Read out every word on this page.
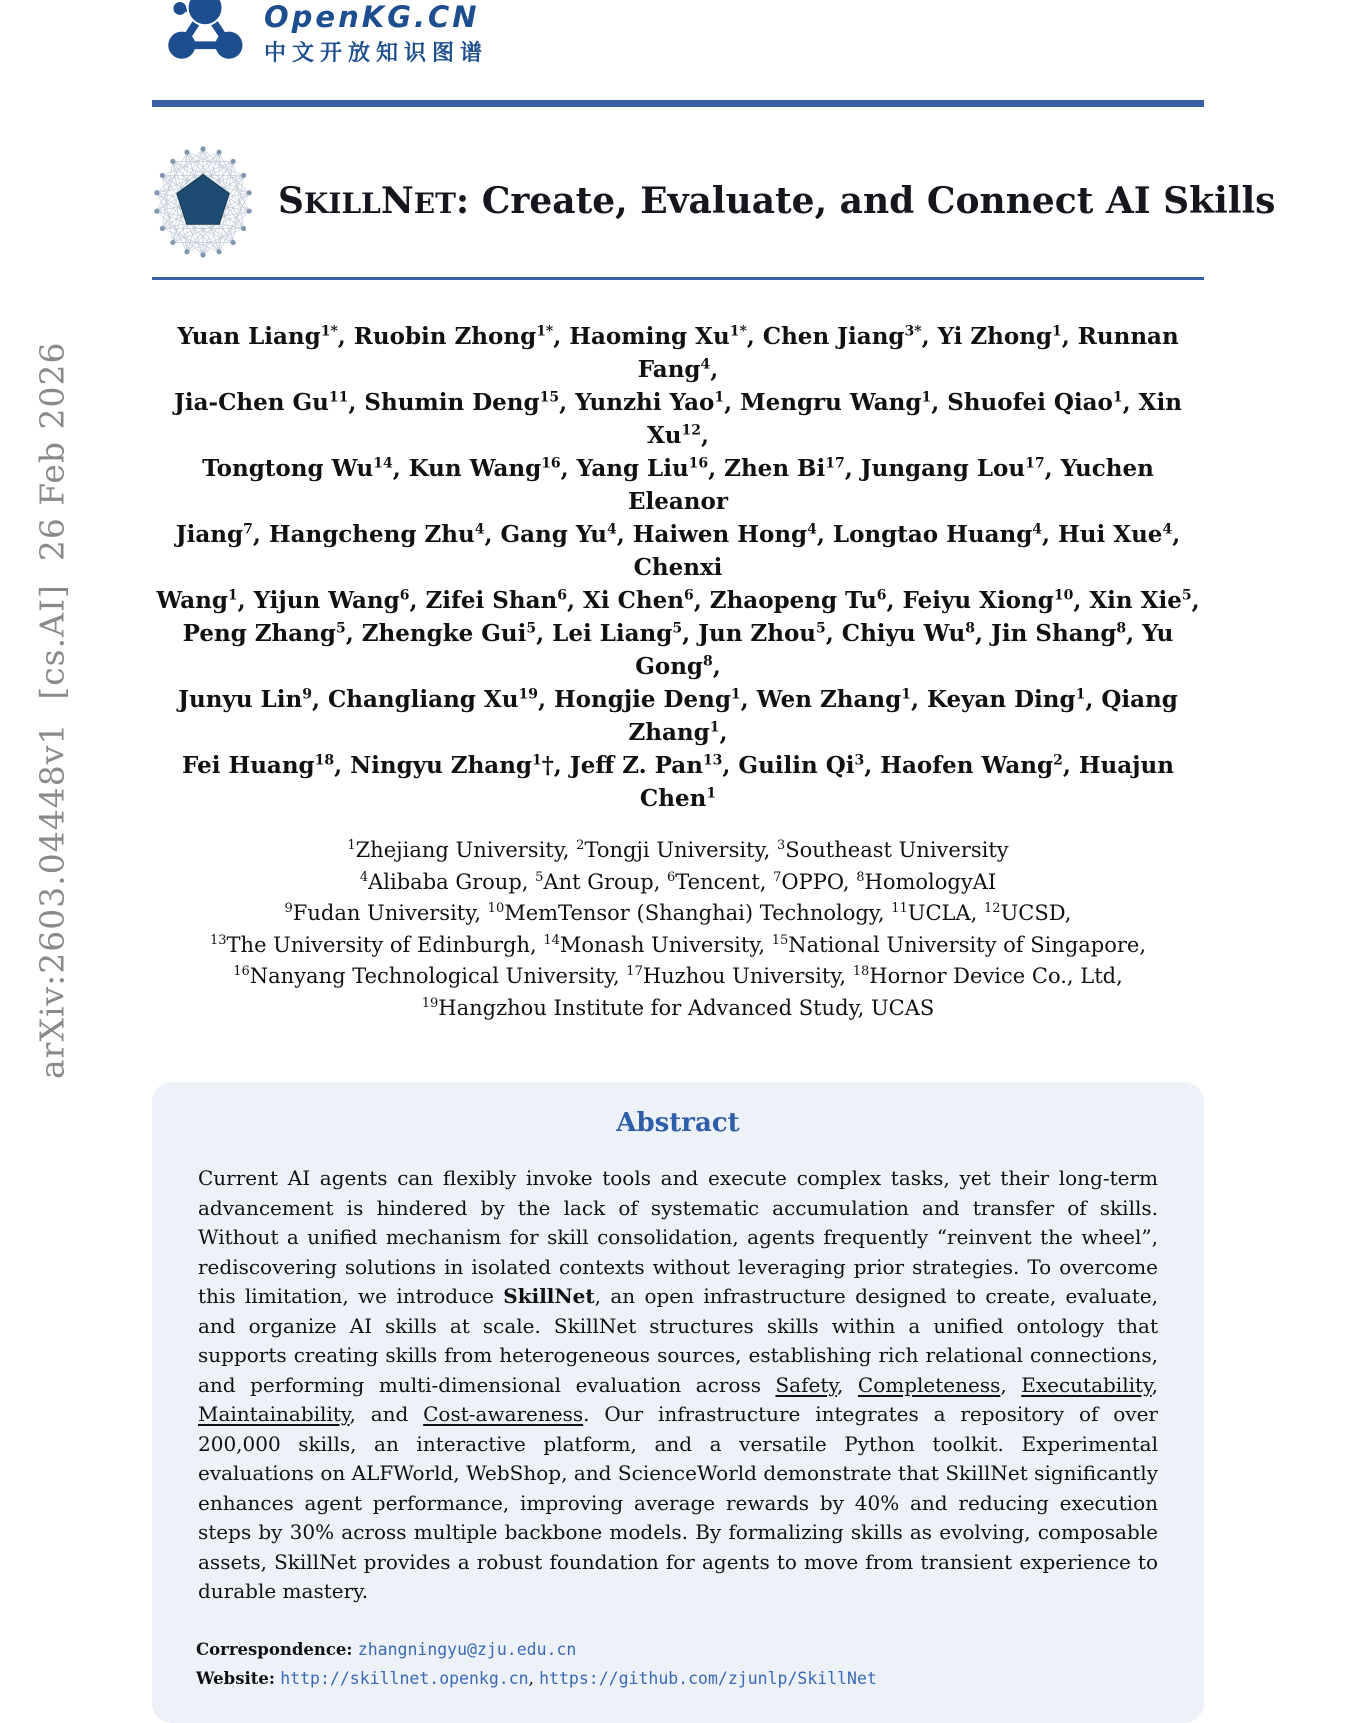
arXiv:2603.04448v1  [cs.AI]  26 Feb 2026
OpenKG.CN
中文开放知识图谱
SKILLNET: Create, Evaluate, and Connect AI Skills
Yuan Liang$^{1*}$, Ruobin Zhong$^{1*}$, Haoming $Xu^{1*}$, Chen Jiang$^{3*}$, Yi Zhong$^1$, Runnan Fang$^4$,
Jia-Chen Gu$^{11}$, Shumin Deng$^{15}$, Yunzhi Yao$^1$, Mengru Wang$^1$, Shuofei Qiao$^1$, Xin Xu$^{12}$,
Tongtong Wu$^{14}$, Kun Wang$^{16}$, Yang Liu$^{16}$, Zhen Bi$^{17}$, Jungang Lou$^{17}$, Yuchen Eleanor
Jiang$^7$, Hangcheng Zhu$^4$, Gang Yu$^4$, Haiwen Hong$^4$, Longtao Huang$^4$, Hui Xue$^4$, Chenxi
Wang$^1$, Yijun Wang$^6$, Zifei Shan$^6$, Xi Chen$^6$, Zhaopeng Tu$^6$, Feiyu Xiong$^{10}$, Xin Xie$^5$,
Peng Zhang$^5$, Zhengke Gui$^5$, Lei Liang$^5$, Jun Zhou$^5$, Chiyu Wu$^8$, Jin Shang$^8$, Yu Gong$^8$,
Junyu Lin$^9$, Changliang Xu$^{19}$, Hongjie Deng$^1$, Wen Zhang$^1$, Keyan Ding$^1$, Qiang Zhang$^1$,
Fei Huang$^{18}$, Ningyu Zhang$^1$†, Jeff Z. Pan$^{13}$, Guilin Qi$^3$, Haofen Wang$^2$, Huajun Chen$^1$
$^1$Zhejiang University, $^2$Tongji University, $^3$Southeast University
$^4$Alibaba Group, $^5$Ant Group, $^6$Tencent, $^7$OPPO, $^8$HomologyAI
$^9$Fudan University, $^{10}$MemTensor (Shanghai) Technology, $^{11}$UCLA, $^{12}$UCSD,
$^{13}$The University of Edinburgh, $^{14}$Monash University, $^{15}$National University of Singapore,
$^{16}$Nanyang Technological University, $^{17}$Huzhou University, $^{18}$Hornor Device Co., Ltd,
$^{19}$Hangzhou Institute for Advanced Study, UCAS
Abstract

Current AI agents can flexibly invoke tools and execute complex tasks, yet their long-term advancement is hindered by the lack of systematic accumulation and transfer of skills. Without a unified mechanism for skill consolidation, agents frequently “reinvent the wheel”, rediscovering solutions in isolated contexts without leveraging prior strategies. To overcome this limitation, we introduce SkillNet, an open infrastructure designed to create, evaluate, and organize AI skills at scale. SkillNet structures skills within a unified ontology that supports creating skills from heterogeneous sources, establishing rich relational connections, and performing multi-dimensional evaluation across Safety, Completeness, Executability, Maintainability, and Cost-awareness. Our infrastructure integrates a repository of over 200,000 skills, an interactive platform, and a versatile Python toolkit. Experimental evaluations on ALFWorld, WebShop, and ScienceWorld demonstrate that SkillNet significantly enhances agent performance, improving average rewards by 40% and reducing execution steps by 30% across multiple backbone models. By formalizing skills as evolving, composable assets, SkillNet provides a robust foundation for agents to move from transient experience to durable mastery.

Correspondence: zhangningyu@zju.edu.cn
Website: http://skillnet.openkg.cn, https://github.com/zjunlp/SkillNet
